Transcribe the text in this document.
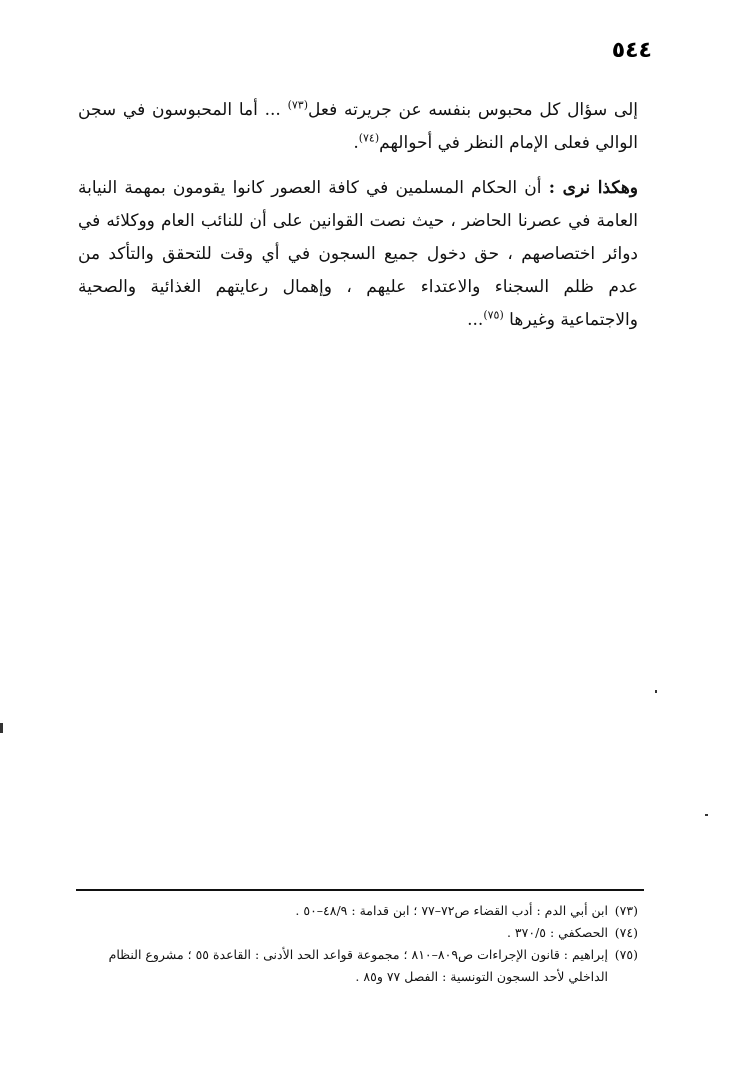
٥٤٤

إلى سؤال كل محبوس بنفسه عن جريرته فعل$^{(٧٣)}$ ... أما المحبوسون في سجن الوالي فعلى الإمام النظر في أحوالهم$^{(٧٤)}$.

وهكذا نرى : أن الحكام المسلمين في كافة العصور كانوا يقومون بمهمة النيابة العامة في عصرنا الحاضر ، حيث نصت القوانين على أن للنائب العام ووكلائه في دوائر اختصاصهم ، حق دخول جميع السجون في أي وقت للتحقق والتأكد من عدم ظلم السجناء والاعتداء عليهم ، وإهمال رعايتهم الغذائية والصحية والاجتماعية وغيرها $^{(٧٥)}$...

(٧٣)
ابن أبي الدم : أدب القضاء ص٧٢–٧٧ ؛ ابن قدامة : ٤٨/٩–٥٠ .
(٧٤)
الحصكفي : ٣٧٠/٥ .
(٧٥)
إبراهيم : قانون الإجراءات ص٨٠٩–٨١٠ ؛ مجموعة قواعد الحد الأدنى : القاعدة ٥٥ ؛ مشروع النظام الداخلي لأحد السجون التونسية : الفصل ٧٧ و٨٥ .
